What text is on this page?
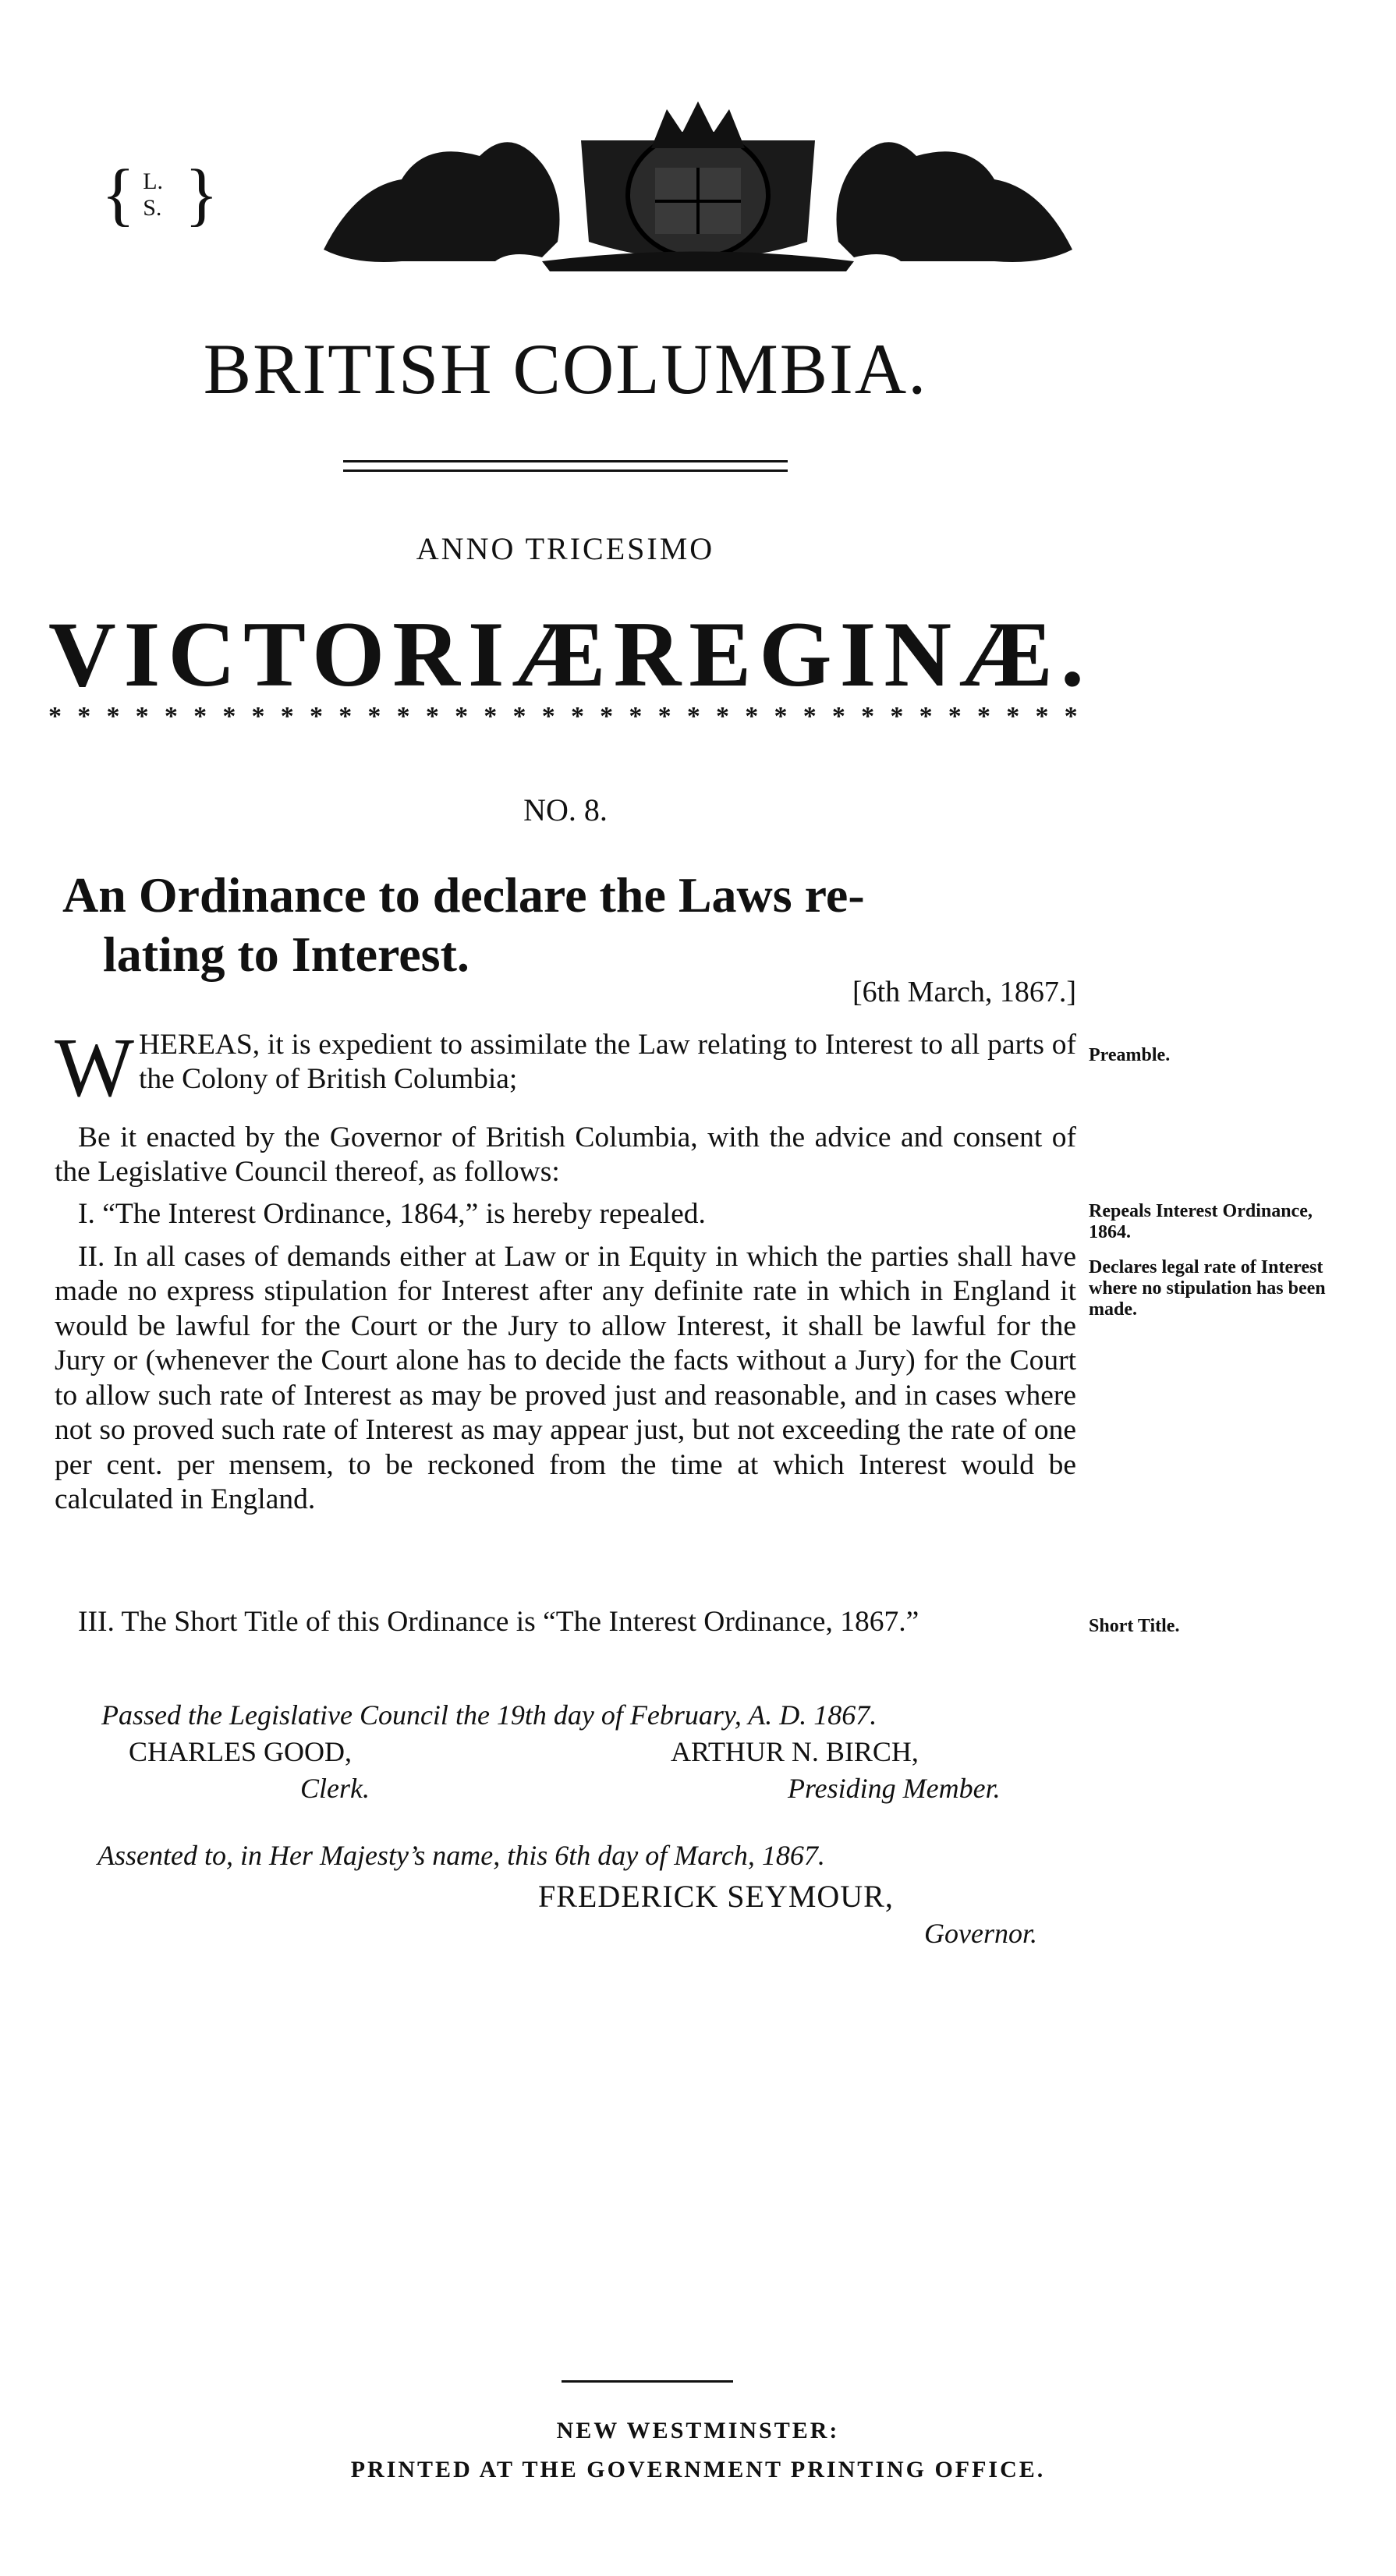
{ L. S. }
BRITISH COLUMBIA.
ANNO TRICESIMO
VICTORIÆ REGINÆ.
* * * * * * * * * * * * * * * * * * * * * * * * * * * * * * * * * * * *
NO. 8.
An Ordinance to declare the Laws re-
lating to Interest.
[6th March, 1867.]

WHEREAS, it is expedient to assimilate the Law relating to Interest to all parts of the Colony of British Columbia;

Be it enacted by the Governor of British Columbia, with the advice and consent of the Legislative Council thereof, as follows:

I. “The Interest Ordinance, 1864,” is hereby repealed.

II. In all cases of demands either at Law or in Equity in which the parties shall have made no express stipulation for Interest after any definite rate in which in England it would be lawful for the Court or the Jury to allow Interest, it shall be lawful for the Jury or (whenever the Court alone has to decide the facts without a Jury) for the Court to allow such rate of Interest as may be proved just and reasonable, and in cases where not so proved such rate of Interest as may appear just, but not exceeding the rate of one per cent. per mensem, to be reckoned from the time at which Interest would be calculated in England.

III. The Short Title of this Ordinance is “The Interest Ordinance, 1867.”

Preamble.
Repeals Interest Ordinance, 1864.
Declares legal rate of Interest where no stipulation has been made.
Short Title.
Passed the Legislative Council the 19th day of February, A. D. 1867.
CHARLES GOOD,	ARTHUR N. BIRCH,
Clerk.	Presiding Member.
Assented to, in Her Majesty’s name, this 6th day of March, 1867.
FREDERICK SEYMOUR,
Governor.
NEW WESTMINSTER:
PRINTED AT THE GOVERNMENT PRINTING OFFICE.
